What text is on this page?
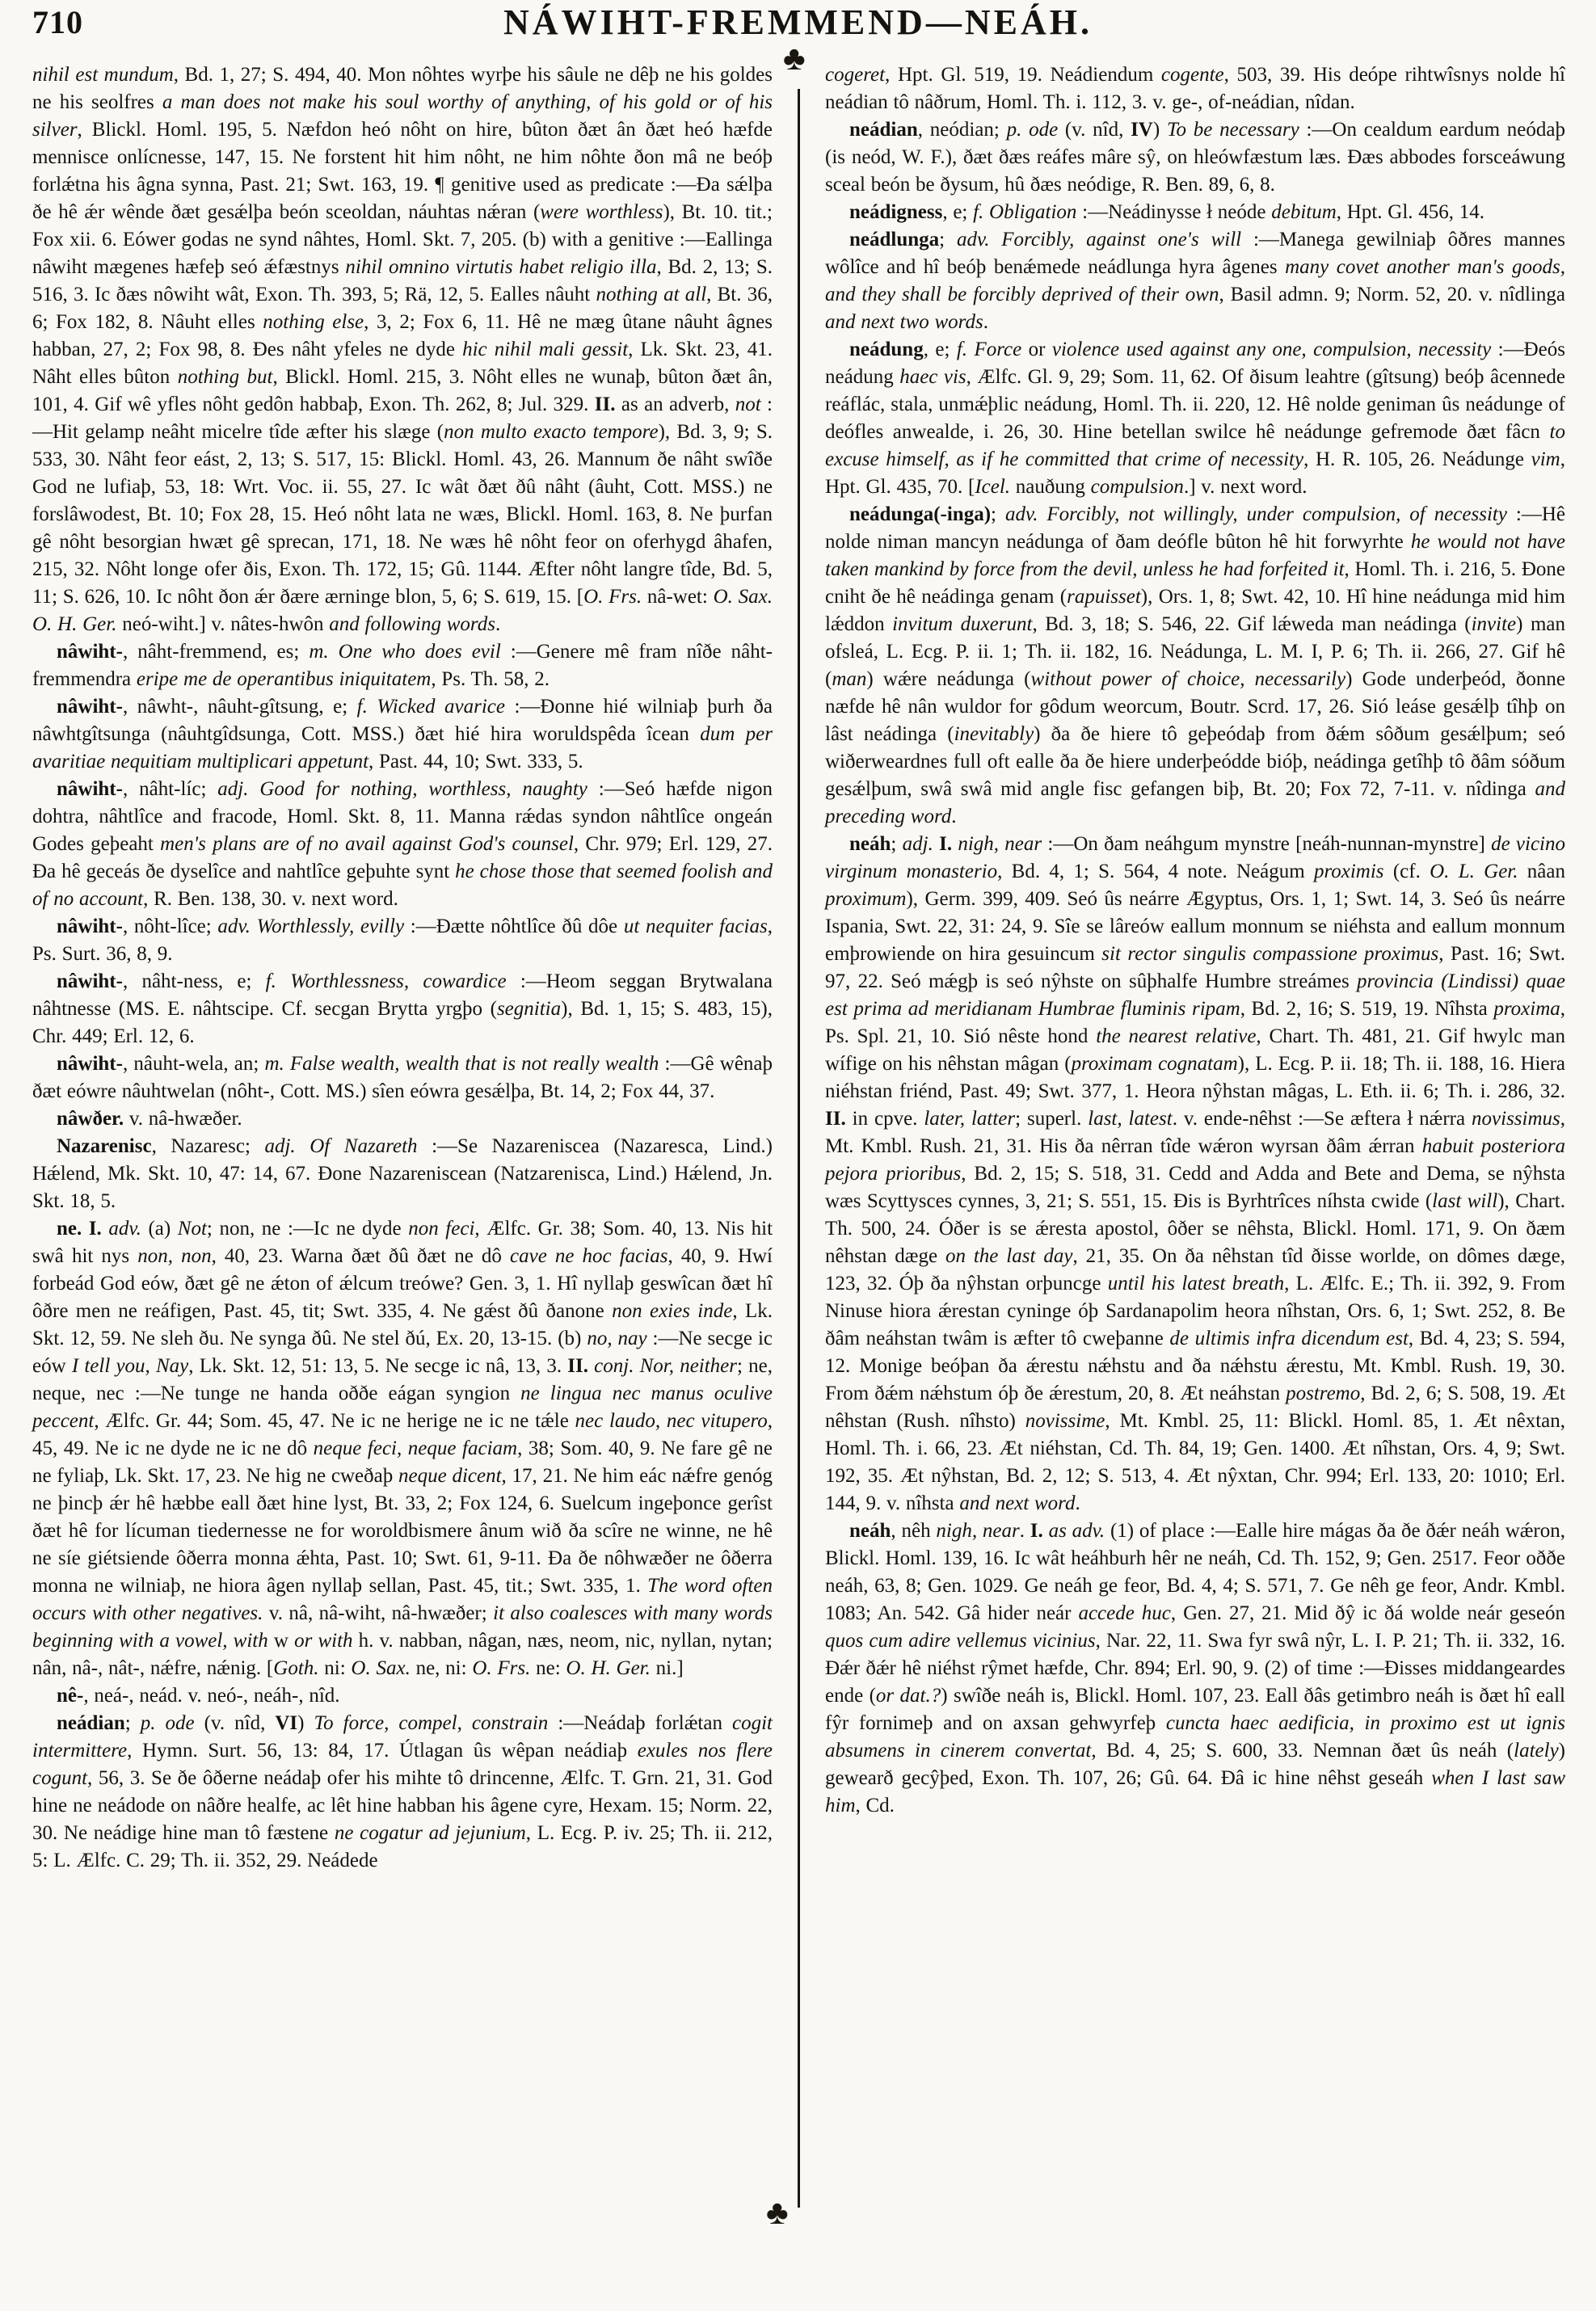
710	NÁWIHT-FREMMEND—NEÁH.
♣
♣

nihil est mundum, Bd. 1, 27; S. 494, 40. Mon nôhtes wyrþe his sâule ne dêþ ne his goldes ne his seolfres a man does not make his soul worthy of anything, of his gold or of his silver, Blickl. Homl. 195, 5. Næfdon heó nôht on hire, bûton ðæt ân ðæt heó hæfde mennisce onlícnesse, 147, 15. Ne forstent hit him nôht, ne him nôhte ðon mâ ne beóþ forlǽtna his âgna synna, Past. 21; Swt. 163, 19. ¶ genitive used as predicate :—Ða sǽlþa ðe hê ǽr wênde ðæt gesǽlþa beón sceoldan, náuhtas nǽran (were worthless), Bt. 10. tit.; Fox xii. 6. Eówer godas ne synd nâhtes, Homl. Skt. 7, 205. (b) with a genitive :—Eallinga nâwiht mægenes hæfeþ seó ǽfæstnys nihil omnino virtutis habet religio illa, Bd. 2, 13; S. 516, 3. Ic ðæs nôwiht wât, Exon. Th. 393, 5; Rä, 12, 5. Ealles nâuht nothing at all, Bt. 36, 6; Fox 182, 8. Nâuht elles nothing else, 3, 2; Fox 6, 11. Hê ne mæg ûtane nâuht âgnes habban, 27, 2; Fox 98, 8. Ðes nâht yfeles ne dyde hic nihil mali gessit, Lk. Skt. 23, 41. Nâht elles bûton nothing but, Blickl. Homl. 215, 3. Nôht elles ne wunaþ, bûton ðæt ân, 101, 4. Gif wê yfles nôht gedôn habbaþ, Exon. Th. 262, 8; Jul. 329. II. as an adverb, not :—Hit gelamp neâht micelre tîde æfter his slæge (non multo exacto tempore), Bd. 3, 9; S. 533, 30. Nâht feor eást, 2, 13; S. 517, 15: Blickl. Homl. 43, 26. Mannum ðe nâht swîðe God ne lufiaþ, 53, 18: Wrt. Voc. ii. 55, 27. Ic wât ðæt ðû nâht (âuht, Cott. MSS.) ne forslâwodest, Bt. 10; Fox 28, 15. Heó nôht lata ne wæs, Blickl. Homl. 163, 8. Ne þurfan gê nôht besorgian hwæt gê sprecan, 171, 18. Ne wæs hê nôht feor on oferhygd âhafen, 215, 32. Nôht longe ofer ðis, Exon. Th. 172, 15; Gû. 1144. Æfter nôht langre tîde, Bd. 5, 11; S. 626, 10. Ic nôht ðon ǽr ðære ærninge blon, 5, 6; S. 619, 15. [O. Frs. nâ-wet: O. Sax. O. H. Ger. neó-wiht.] v. nâtes-hwôn and following words.

nâwiht-, nâht-fremmend, es; m. One who does evil :—Genere mê fram nîðe nâht-fremmendra eripe me de operantibus iniquitatem, Ps. Th. 58, 2.

nâwiht-, nâwht-, nâuht-gîtsung, e; f. Wicked avarice :—Ðonne hié wilniaþ þurh ða nâwhtgîtsunga (nâuhtgîdsunga, Cott. MSS.) ðæt hié hira woruldspêda îcean dum per avaritiae nequitiam multiplicari appetunt, Past. 44, 10; Swt. 333, 5.

nâwiht-, nâht-líc; adj. Good for nothing, worthless, naughty :—Seó hæfde nigon dohtra, nâhtlîce and fracode, Homl. Skt. 8, 11. Manna rǽdas syndon nâhtlîce ongeán Godes geþeaht men's plans are of no avail against God's counsel, Chr. 979; Erl. 129, 27. Ða hê geceás ðe dyselîce and nahtlîce geþuhte synt he chose those that seemed foolish and of no account, R. Ben. 138, 30. v. next word.

nâwiht-, nôht-lîce; adv. Worthlessly, evilly :—Ðætte nôhtlîce ðû dôe ut nequiter facias, Ps. Surt. 36, 8, 9.

nâwiht-, nâht-ness, e; f. Worthlessness, cowardice :—Heom seggan Brytwalana nâhtnesse (MS. E. nâhtscipe. Cf. secgan Brytta yrgþo (segnitia), Bd. 1, 15; S. 483, 15), Chr. 449; Erl. 12, 6.

nâwiht-, nâuht-wela, an; m. False wealth, wealth that is not really wealth :—Gê wênaþ ðæt eówre nâuhtwelan (nôht-, Cott. MS.) sîen eówra gesǽlþa, Bt. 14, 2; Fox 44, 37.

nâwðer. v. nâ-hwæðer.

Nazarenisc, Nazaresc; adj. Of Nazareth :—Se Nazareniscea (Nazaresca, Lind.) Hǽlend, Mk. Skt. 10, 47: 14, 67. Ðone Nazareniscean (Natzarenisca, Lind.) Hǽlend, Jn. Skt. 18, 5.

ne. I. adv. (a) Not; non, ne :—Ic ne dyde non feci, Ælfc. Gr. 38; Som. 40, 13. Nis hit swâ hit nys non, non, 40, 23. Warna ðæt ðû ðæt ne dô cave ne hoc facias, 40, 9. Hwí forbeád God eów, ðæt gê ne ǽton of ǽlcum treówe? Gen. 3, 1. Hî nyllaþ geswîcan ðæt hî ôðre men ne reáfigen, Past. 45, tit; Swt. 335, 4. Ne gǽst ðû ðanone non exies inde, Lk. Skt. 12, 59. Ne sleh ðu. Ne synga ðû. Ne stel ðú, Ex. 20, 13-15. (b) no, nay :—Ne secge ic eów I tell you, Nay, Lk. Skt. 12, 51: 13, 5. Ne secge ic nâ, 13, 3. II. conj. Nor, neither; ne, neque, nec :—Ne tunge ne handa oððe eágan syngion ne lingua nec manus oculive peccent, Ælfc. Gr. 44; Som. 45, 47. Ne ic ne herige ne ic ne tǽle nec laudo, nec vitupero, 45, 49. Ne ic ne dyde ne ic ne dô neque feci, neque faciam, 38; Som. 40, 9. Ne fare gê ne ne fyliaþ, Lk. Skt. 17, 23. Ne hig ne cweðaþ neque dicent, 17, 21. Ne him eác nǽfre genóg ne þincþ ǽr hê hæbbe eall ðæt hine lyst, Bt. 33, 2; Fox 124, 6. Suelcum ingeþonce gerîst ðæt hê for lícuman tiedernesse ne for woroldbismere ânum wið ða scîre ne winne, ne hê ne síe giétsiende ôðerra monna ǽhta, Past. 10; Swt. 61, 9-11. Ða ðe nôhwæðer ne ôðerra monna ne wilniaþ, ne hiora âgen nyllaþ sellan, Past. 45, tit.; Swt. 335, 1. The word often occurs with other negatives. v. nâ, nâ-wiht, nâ-hwæðer; it also coalesces with many words beginning with a vowel, with w or with h. v. nabban, nâgan, næs, neom, nic, nyllan, nytan; nân, nâ-, nât-, nǽfre, nǽnig. [Goth. ni: O. Sax. ne, ni: O. Frs. ne: O. H. Ger. ni.]

nê-, neá-, neád. v. neó-, neáh-, nîd.

neádian; p. ode (v. nîd, VI) To force, compel, constrain :—Neádaþ forlǽtan cogit intermittere, Hymn. Surt. 56, 13: 84, 17. Útlagan ûs wêpan neádiaþ exules nos flere cogunt, 56, 3. Se ðe ôðerne neádaþ ofer his mihte tô drincenne, Ælfc. T. Grn. 21, 31. God hine ne neádode on nâðre healfe, ac lêt hine habban his âgene cyre, Hexam. 15; Norm. 22, 30. Ne neádige hine man tô fæstene ne cogatur ad jejunium, L. Ecg. P. iv. 25; Th. ii. 212, 5: L. Ælfc. C. 29; Th. ii. 352, 29. Neádede

cogeret, Hpt. Gl. 519, 19. Neádiendum cogente, 503, 39. His deópe rihtwîsnys nolde hî neádian tô nâðrum, Homl. Th. i. 112, 3. v. ge-, of-neádian, nîdan.

neádian, neódian; p. ode (v. nîd, IV) To be necessary :—On cealdum eardum neódaþ (is neód, W. F.), ðæt ðæs reáfes mâre sŷ, on hleówfæstum læs. Ðæs abbodes forsceáwung sceal beón be ðysum, hû ðæs neódige, R. Ben. 89, 6, 8.

neádigness, e; f. Obligation :—Neádinysse ł neóde debitum, Hpt. Gl. 456, 14.

neádlunga; adv. Forcibly, against one's will :—Manega gewilniaþ ôðres mannes wôlîce and hî beóþ benǽmede neádlunga hyra âgenes many covet another man's goods, and they shall be forcibly deprived of their own, Basil admn. 9; Norm. 52, 20. v. nîdlinga and next two words.

neádung, e; f. Force or violence used against any one, compulsion, necessity :—Ðeós neádung haec vis, Ælfc. Gl. 9, 29; Som. 11, 62. Of ðisum leahtre (gîtsung) beóþ âcennede reáflác, stala, unmǽþlic neádung, Homl. Th. ii. 220, 12. Hê nolde geniman ûs neádunge of deófles anwealde, i. 26, 30. Hine betellan swilce hê neádunge gefremode ðæt fâcn to excuse himself, as if he committed that crime of necessity, H. R. 105, 26. Neádunge vim, Hpt. Gl. 435, 70. [Icel. nauðung compulsion.] v. next word.

neádunga(-inga); adv. Forcibly, not willingly, under compulsion, of necessity :—Hê nolde niman mancyn neádunga of ðam deófle bûton hê hit forwyrhte he would not have taken mankind by force from the devil, unless he had forfeited it, Homl. Th. i. 216, 5. Ðone cniht ðe hê neádinga genam (rapuisset), Ors. 1, 8; Swt. 42, 10. Hî hine neádunga mid him lǽddon invitum duxerunt, Bd. 3, 18; S. 546, 22. Gif lǽweda man neádinga (invite) man ofsleá, L. Ecg. P. ii. 1; Th. ii. 182, 16. Neádunga, L. M. I, P. 6; Th. ii. 266, 27. Gif hê (man) wǽre neádunga (without power of choice, necessarily) Gode underþeód, ðonne næfde hê nân wuldor for gôdum weorcum, Boutr. Scrd. 17, 26. Sió leáse gesǽlþ tîhþ on lâst neádinga (inevitably) ða ðe hiere tô geþeódaþ from ðǽm sôðum gesǽlþum; seó wiðerweardnes full oft ealle ða ðe hiere underþeódde bióþ, neádinga getîhþ tô ðâm sóðum gesǽlþum, swâ swâ mid angle fisc gefangen biþ, Bt. 20; Fox 72, 7-11. v. nîdinga and preceding word.

neáh; adj. I. nigh, near :—On ðam neáhgum mynstre [neáh-nunnan-mynstre] de vicino virginum monasterio, Bd. 4, 1; S. 564, 4 note. Neágum proximis (cf. O. L. Ger. nâan proximum), Germ. 399, 409. Seó ûs neárre Ægyptus, Ors. 1, 1; Swt. 14, 3. Seó ûs neárre Ispania, Swt. 22, 31: 24, 9. Sîe se lâreów eallum monnum se niéhsta and eallum monnum emþrowiende on hira gesuincum sit rector singulis compassione proximus, Past. 16; Swt. 97, 22. Seó mǽgþ is seó nŷhste on sûþhalfe Humbre streámes provincia (Lindissi) quae est prima ad meridianam Humbrae fluminis ripam, Bd. 2, 16; S. 519, 19. Nîhsta proxima, Ps. Spl. 21, 10. Sió nêste hond the nearest relative, Chart. Th. 481, 21. Gif hwylc man wífige on his nêhstan mâgan (proximam cognatam), L. Ecg. P. ii. 18; Th. ii. 188, 16. Hiera niéhstan friénd, Past. 49; Swt. 377, 1. Heora nŷhstan mâgas, L. Eth. ii. 6; Th. i. 286, 32. II. in cpve. later, latter; superl. last, latest. v. ende-nêhst :—Se æftera ł nǽrra novissimus, Mt. Kmbl. Rush. 21, 31. His ða nêrran tîde wǽron wyrsan ðâm ǽrran habuit posteriora pejora prioribus, Bd. 2, 15; S. 518, 31. Cedd and Adda and Bete and Dema, se nŷhsta wæs Scyttysces cynnes, 3, 21; S. 551, 15. Ðis is Byrhtrîces níhsta cwide (last will), Chart. Th. 500, 24. Óðer is se ǽresta apostol, ôðer se nêhsta, Blickl. Homl. 171, 9. On ðæm nêhstan dæge on the last day, 21, 35. On ða nêhstan tîd ðisse worlde, on dômes dæge, 123, 32. Óþ ða nŷhstan orþuncge until his latest breath, L. Ælfc. E.; Th. ii. 392, 9. From Ninuse hiora ǽrestan cyninge óþ Sardanapolim heora nîhstan, Ors. 6, 1; Swt. 252, 8. Be ðâm neáhstan twâm is æfter tô cweþanne de ultimis infra dicendum est, Bd. 4, 23; S. 594, 12. Monige beóþan ða ǽrestu nǽhstu and ða nǽhstu ǽrestu, Mt. Kmbl. Rush. 19, 30. From ðǽm nǽhstum óþ ðe ǽrestum, 20, 8. Æt neáhstan postremo, Bd. 2, 6; S. 508, 19. Æt nêhstan (Rush. nîhsto) novissime, Mt. Kmbl. 25, 11: Blickl. Homl. 85, 1. Æt nêxtan, Homl. Th. i. 66, 23. Æt niéhstan, Cd. Th. 84, 19; Gen. 1400. Æt nîhstan, Ors. 4, 9; Swt. 192, 35. Æt nŷhstan, Bd. 2, 12; S. 513, 4. Æt nŷxtan, Chr. 994; Erl. 133, 20: 1010; Erl. 144, 9. v. nîhsta and next word.

neáh, nêh nigh, near. I. as adv. (1) of place :—Ealle hire mágas ða ðe ðǽr neáh wǽron, Blickl. Homl. 139, 16. Ic wât heáhburh hêr ne neáh, Cd. Th. 152, 9; Gen. 2517. Feor oððe neáh, 63, 8; Gen. 1029. Ge neáh ge feor, Bd. 4, 4; S. 571, 7. Ge nêh ge feor, Andr. Kmbl. 1083; An. 542. Gâ hider neár accede huc, Gen. 27, 21. Mid ðŷ ic ðá wolde neár geseón quos cum adire vellemus vicinius, Nar. 22, 11. Swa fyr swâ nŷr, L. I. P. 21; Th. ii. 332, 16. Ðǽr ðǽr hê niéhst rŷmet hæfde, Chr. 894; Erl. 90, 9. (2) of time :—Ðisses middangeardes ende (or dat.?) swîðe neáh is, Blickl. Homl. 107, 23. Eall ðâs getimbro neáh is ðæt hî eall fŷr fornimeþ and on axsan gehwyrfeþ cuncta haec aedificia, in proximo est ut ignis absumens in cinerem convertat, Bd. 4, 25; S. 600, 33. Nemnan ðæt ûs neáh (lately) gewearð gecŷþed, Exon. Th. 107, 26; Gû. 64. Ðâ ic hine nêhst geseáh when I last saw him, Cd.
